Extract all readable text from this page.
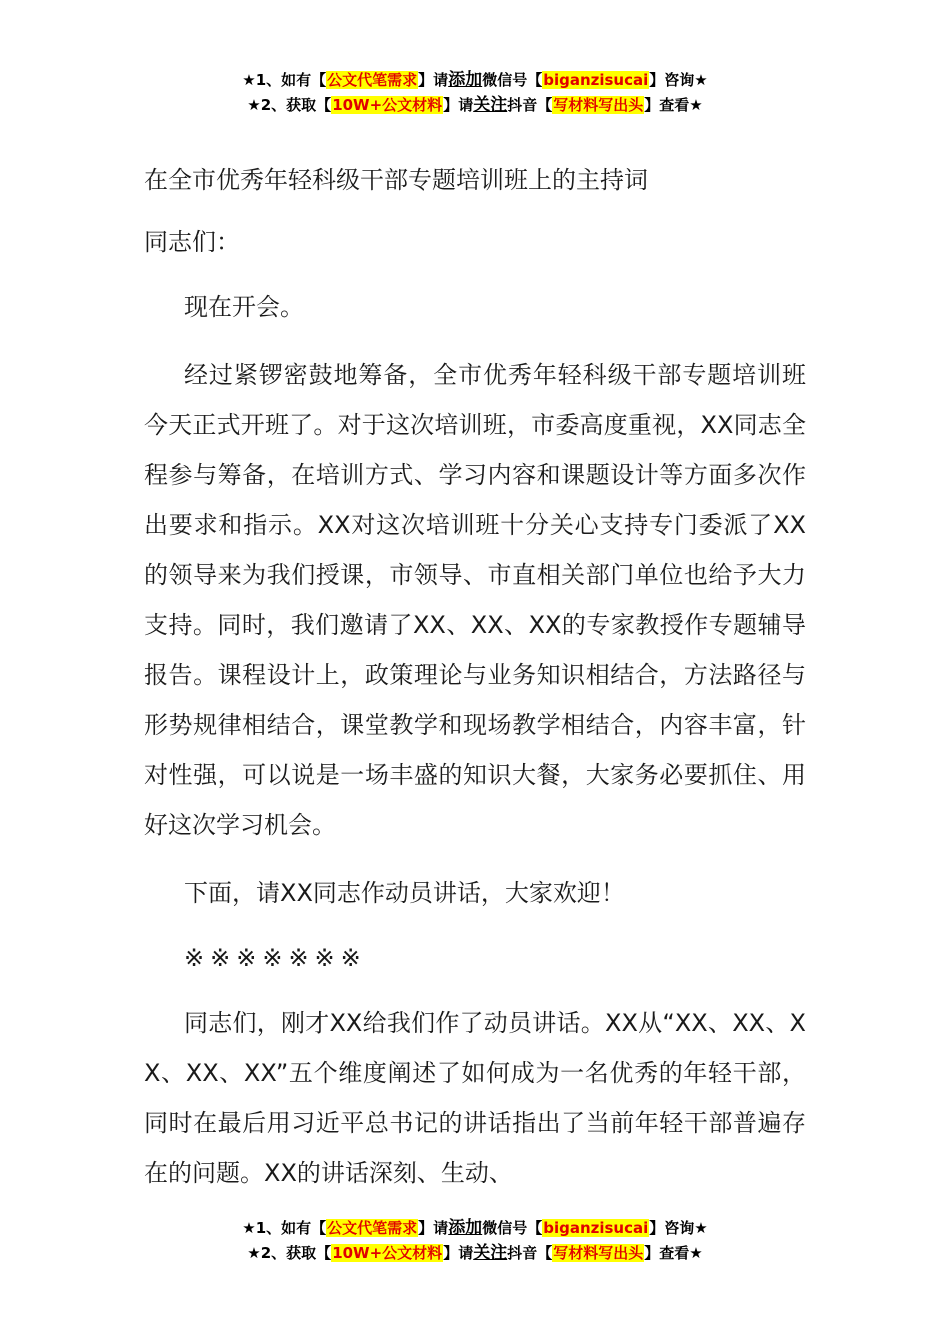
★1、如有【公文代笔需求】请添加微信号【biganzisucai】咨询★
★2、获取【10W+公文材料】请关注抖音【写材料写出头】查看★
在全市优秀年轻科级干部专题培训班上的主持词
同志们：

现在开会。

经过紧锣密鼓地筹备，全市优秀年轻科级干部专题培训班今天正式开班了。对于这次培训班，市委高度重视，XX同志全程参与筹备，在培训方式、学习内容和课题设计等方面多次作出要求和指示。XX对这次培训班十分关心支持专门委派了XX的领导来为我们授课，市领导、市直相关部门单位也给予大力支持。同时，我们邀请了XX、XX、XX的专家教授作专题辅导报告。课程设计上，政策理论与业务知识相结合，方法路径与形势规律相结合，课堂教学和现场教学相结合，内容丰富，针对性强，可以说是一场丰盛的知识大餐，大家务必要抓住、用好这次学习机会。

下面，请XX同志作动员讲话，大家欢迎！

※※※※※※※

同志们，刚才XX给我们作了动员讲话。XX从“XX、XX、XX、XX、XX”五个维度阐述了如何成为一名优秀的年轻干部，同时在最后用习近平总书记的讲话指出了当前年轻干部普遍存在的问题。XX的讲话深刻、生动、

★1、如有【公文代笔需求】请添加微信号【biganzisucai】咨询★
★2、获取【10W+公文材料】请关注抖音【写材料写出头】查看★
